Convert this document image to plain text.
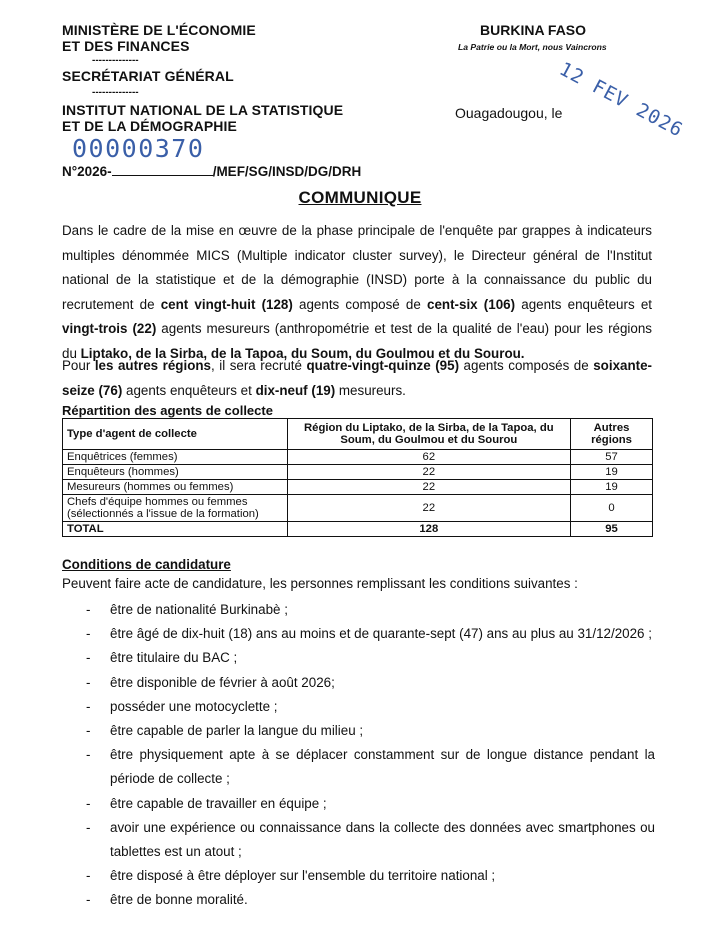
MINISTÈRE DE L'ÉCONOMIE
ET DES FINANCES
--------------
SECRÉTARIAT GÉNÉRAL
--------------
INSTITUT NATIONAL DE LA STATISTIQUE
ET DE LA DÉMOGRAPHIE
BURKINA FASO
La Patrie ou la Mort, nous Vaincrons
12 FEV 2026
Ouagadougou, le
00000370
N°2026-	/MEF/SG/INSD/DG/DRH
COMMUNIQUE
Dans le cadre de la mise en œuvre de la phase principale de l'enquête par grappes à indicateurs multiples dénommée MICS (Multiple indicator cluster survey), le Directeur général de l'Institut national de la statistique et de la démographie (INSD) porte à la connaissance du public du recrutement de cent vingt-huit (128) agents composé de cent-six (106) agents enquêteurs et vingt-trois (22) agents mesureurs (anthropométrie et test de la qualité de l'eau) pour les régions du Liptako, de la Sirba, de la Tapoa, du Soum, du Goulmou et du Sourou.
Pour les autres régions, il sera recruté quatre-vingt-quinze (95) agents composés de soixante-seize (76) agents enquêteurs et dix-neuf (19) mesureurs.
Répartition des agents de collecte
Type d'agent de collecte	Région du Liptako, de la Sirba, de la Tapoa, du Soum, du Goulmou et du Sourou	Autres régions
Enquêtrices (femmes)	62	57
Enquêteurs (hommes)	22	19
Mesureurs (hommes ou femmes)	22	19
Chefs d'équipe hommes ou femmes (sélectionnés a l'issue de la formation)	22	0
TOTAL	128	95
Conditions de candidature
Peuvent faire acte de candidature, les personnes remplissant les conditions suivantes :
- être de nationalité Burkinabè ;
- être âgé de dix-huit (18) ans au moins et de quarante-sept (47) ans au plus au 31/12/2026 ;
- être titulaire du BAC ;
- être disponible de février à août 2026;
- posséder une motocyclette ;
- être capable de parler la langue du milieu ;
- être physiquement apte à se déplacer constamment sur de longue distance pendant la période de collecte ;
- être capable de travailler en équipe ;
- avoir une expérience ou connaissance dans la collecte des données avec smartphones ou tablettes est un atout ;
- être disposé à être déployer sur l'ensemble du territoire national ;
- être de bonne moralité.
